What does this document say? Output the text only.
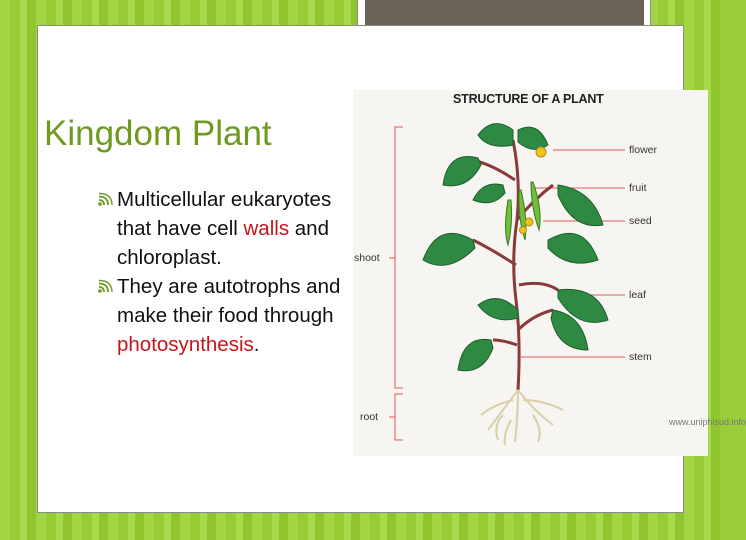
Kingdom Plant
Multicellular eukaryotes that have cell walls and chloroplast.
They are autotrophs and make their food through photosynthesis.
STRUCTURE OF A PLANT
flower
fruit
seed
leaf
stem
shoot
root	www.uniphisud.info
